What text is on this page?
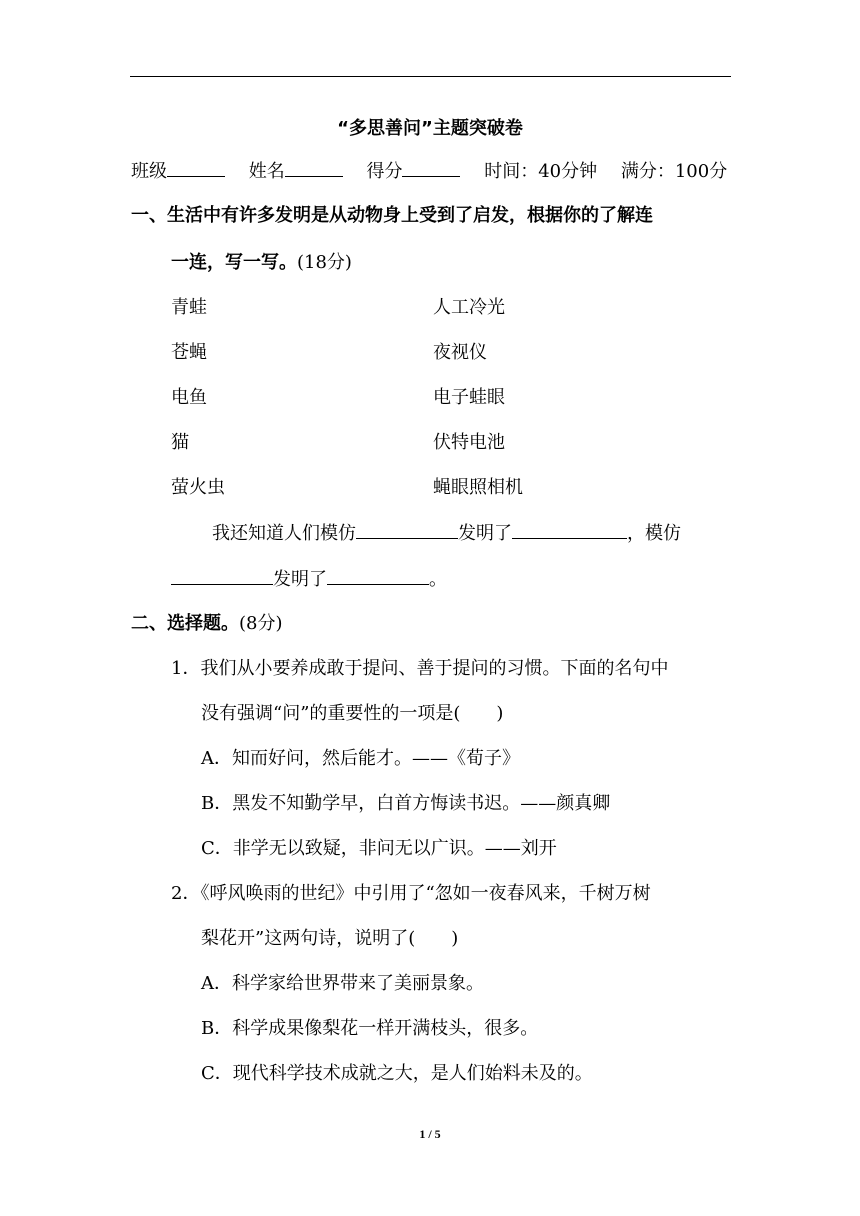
“多思善问”主题突破卷
班级	姓名	得分	时间：40分钟 满分：100分
一、生活中有许多发明是从动物身上受到了启发，根据你的了解连
一连，写一写。(18分)
青蛙	人工冷光
苍蝇	夜视仪
电鱼	电子蛙眼
猫	伏特电池
萤火虫	蝇眼照相机
我还知道人们模仿	发明了	，模仿
发明了	。
二、选择题。(8分)
1．我们从小要养成敢于提问、善于提问的习惯。下面的名句中
没有强调“问”的重要性的一项是(　　)
A．知而好问，然后能才。——《荀子》
B．黑发不知勤学早，白首方悔读书迟。——颜真卿
C．非学无以致疑，非问无以广识。——刘开
2．《呼风唤雨的世纪》中引用了“忽如一夜春风来，千树万树
梨花开”这两句诗，说明了(　　)
A．科学家给世界带来了美丽景象。
B．科学成果像梨花一样开满枝头，很多。
C．现代科学技术成就之大，是人们始料未及的。
1 / 5
